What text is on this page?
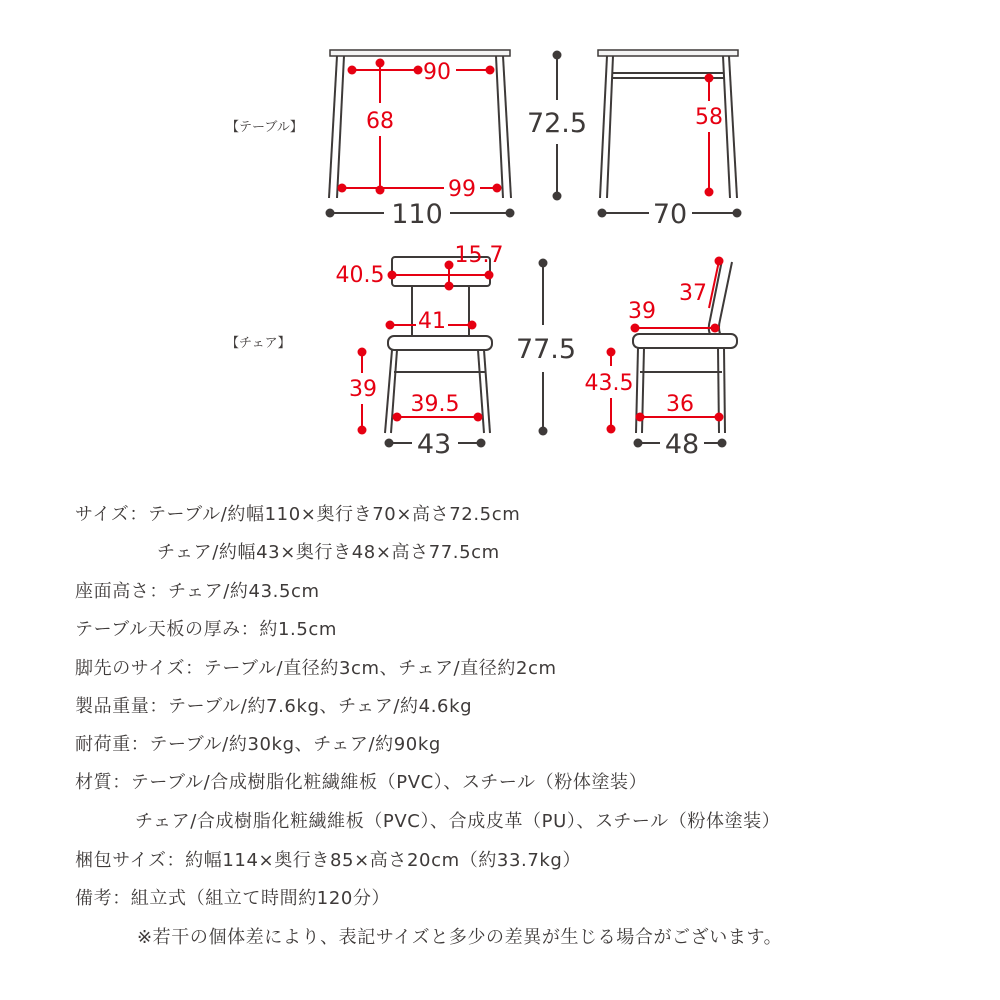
【テーブル】
【チェア】
90
68
99
110
72.5	58
70
40.5
15.7
41
39
39.5
43
77.5
37
39
43.5
36
48
サイズ：テーブル/約幅110×奥行き70×高さ72.5cm
チェア/約幅43×奥行き48×高さ77.5cm
座面高さ：チェア/約43.5cm
テーブル天板の厚み：約1.5cm
脚先のサイズ：テーブル/直径約3cm、チェア/直径約2cm
製品重量：テーブル/約7.6kg、チェア/約4.6kg
耐荷重：テーブル/約30kg、チェア/約90kg
材質：テーブル/合成樹脂化粧繊維板（PVC）、スチール（粉体塗装）
チェア/合成樹脂化粧繊維板（PVC）、合成皮革（PU）、スチール（粉体塗装）
梱包サイズ：約幅114×奥行き85×高さ20cm（約33.7kg）
備考：組立式（組立て時間約120分）
※若干の個体差により、表記サイズと多少の差異が生じる場合がございます。
